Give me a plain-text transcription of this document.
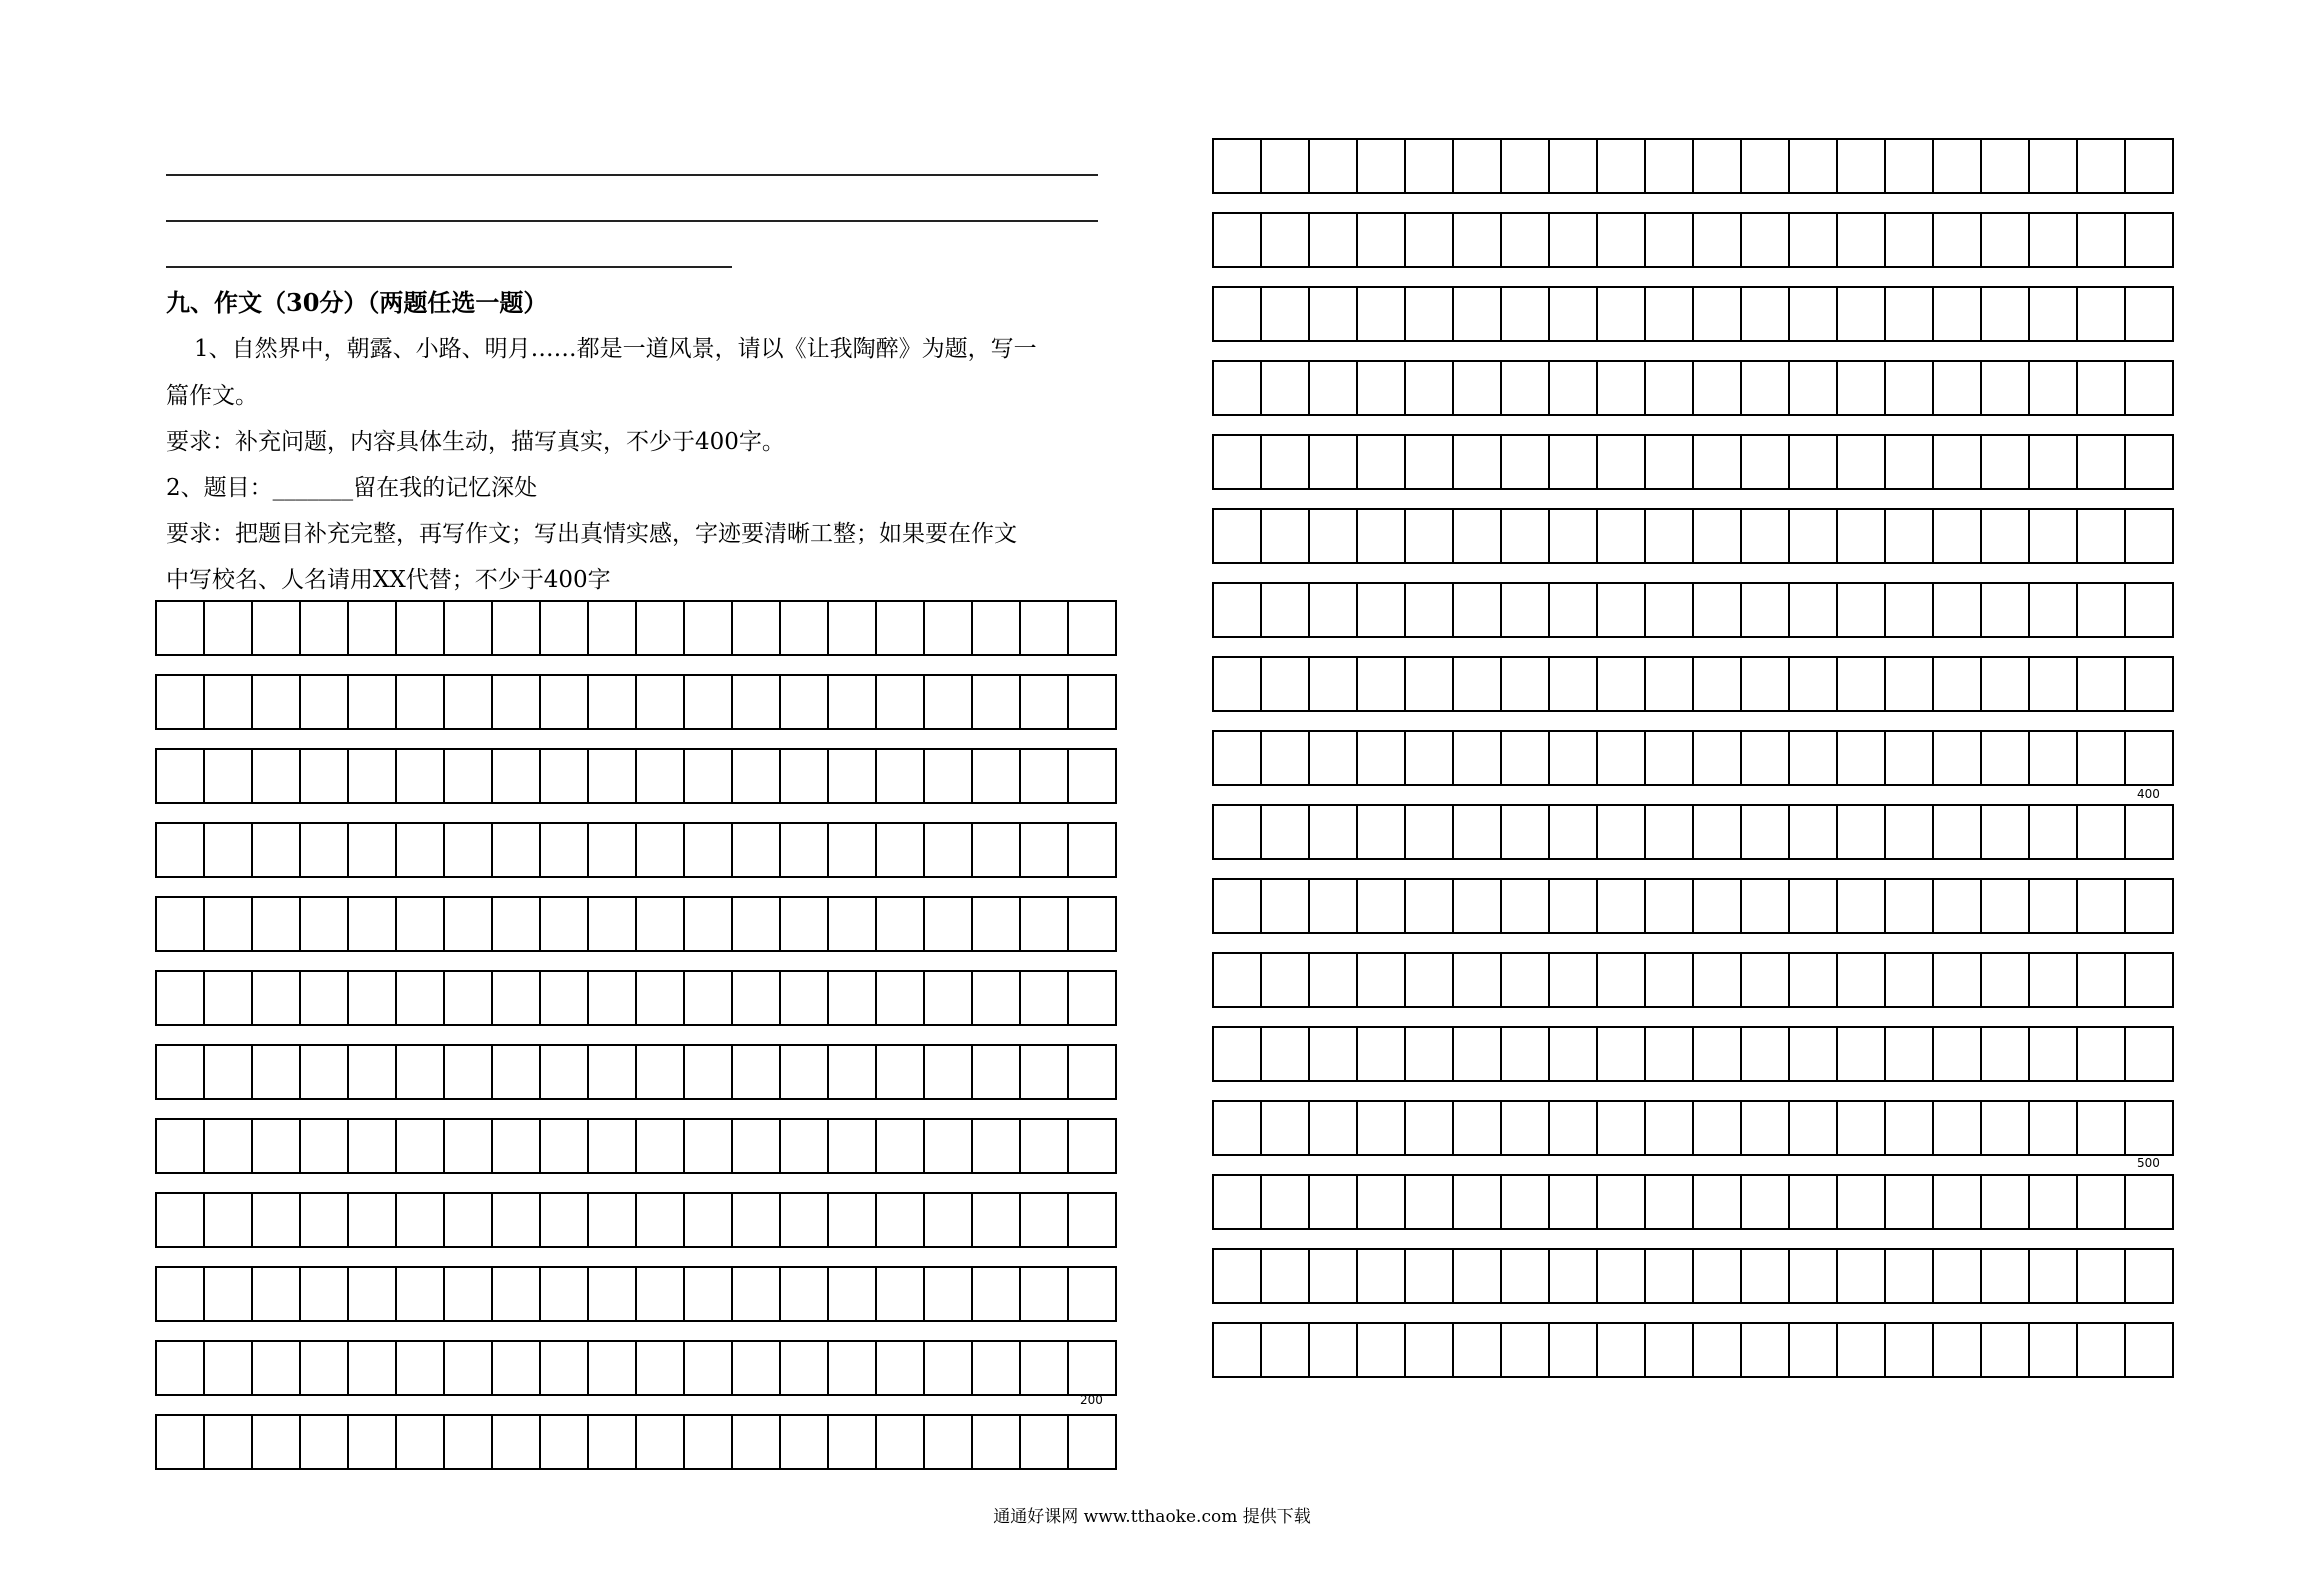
九、作文（30分）（两题任选一题）
1、自然界中，朝露、小路、明月……都是一道风景，请以《让我陶醉》为题，写一
篇作文。
要求：补充问题，内容具体生动，描写真实，不少于400字。
2、题目：_______留在我的记忆深处
要求：把题目补充完整，再写作文；写出真情实感，字迹要清晰工整；如果要在作文
中写校名、人名请用XX代替；不少于400字
200
400
500
通通好课网 www.tthaoke.com 提供下载
